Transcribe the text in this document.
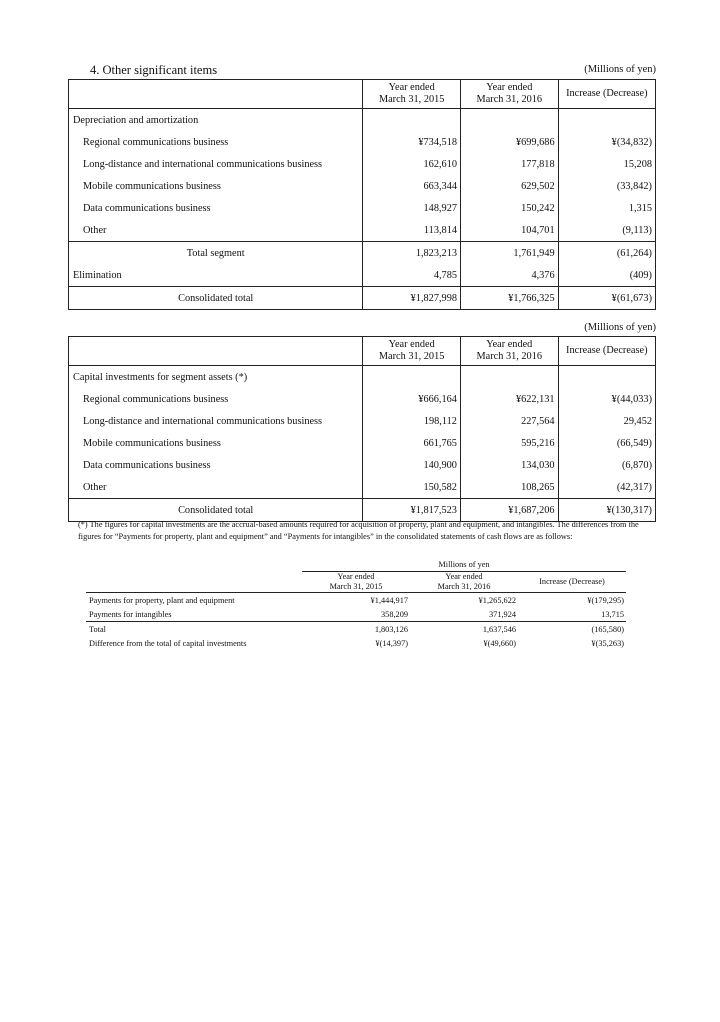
4. Other significant items	(Millions of yen)
	Year ended
March 31, 2015	Year ended
March 31, 2016	Increase (Decrease)
Depreciation and amortization			
Regional communications business	¥734,518	¥699,686	¥(34,832)
Long-distance and international communications business	162,610	177,818	15,208
Mobile communications business	663,344	629,502	(33,842)
Data communications business	148,927	150,242	1,315
Other	113,814	104,701	(9,113)
Total segment	1,823,213	1,761,949	(61,264)
Elimination	4,785	4,376	(409)
Consolidated total	¥1,827,998	¥1,766,325	¥(61,673)
(Millions of yen)
	Year ended
March 31, 2015	Year ended
March 31, 2016	Increase (Decrease)
Capital investments for segment assets (*)			
Regional communications business	¥666,164	¥622,131	¥(44,033)
Long-distance and international communications business	198,112	227,564	29,452
Mobile communications business	661,765	595,216	(66,549)
Data communications business	140,900	134,030	(6,870)
Other	150,582	108,265	(42,317)
Consolidated total	¥1,817,523	¥1,687,206	¥(130,317)
(*) The figures for capital investments are the accrual-based amounts required for acquisition of property, plant and equipment, and intangibles. The differences from the figures for “Payments for property, plant and equipment” and “Payments for intangibles” in the consolidated statements of cash flows are as follows:
	Millions of yen		
	Year ended
March 31, 2015	Year ended
March 31, 2016	Increase (Decrease)
Payments for property, plant and equipment	¥1,444,917	¥1,265,622	¥(179,295)
Payments for intangibles	358,209	371,924	13,715
Total	1,803,126	1,637,546	(165,580)
Difference from the total of capital investments	¥(14,397)	¥(49,660)	¥(35,263)
